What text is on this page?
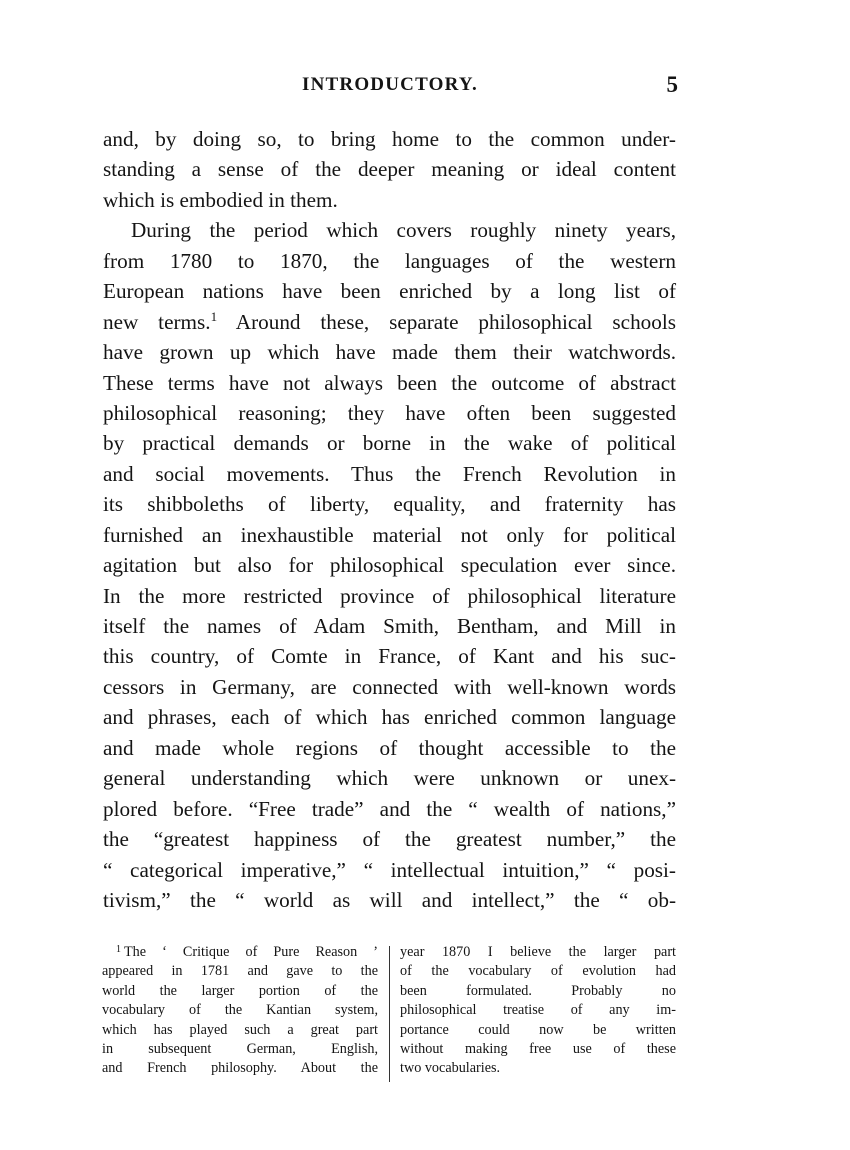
INTRODUCTORY.	5
and, by doing so, to bring home to the common under-
standing a sense of the deeper meaning or ideal content
which is embodied in them.
During the period which covers roughly ninety years,
from 1780 to 1870, the languages of the western
European nations have been enriched by a long list of
new terms.$^1$ Around these, separate philosophical schools
have grown up which have made them their watchwords.
These terms have not always been the outcome of abstract
philosophical reasoning; they have often been suggested
by practical demands or borne in the wake of political
and social movements. Thus the French Revolution in
its shibboleths of liberty, equality, and fraternity has
furnished an inexhaustible material not only for political
agitation but also for philosophical speculation ever since.
In the more restricted province of philosophical literature
itself the names of Adam Smith, Bentham, and Mill in
this country, of Comte in France, of Kant and his suc-
cessors in Germany, are connected with well-known words
and phrases, each of which has enriched common language
and made whole regions of thought accessible to the
general understanding which were unknown or unex-
plored before. “Free trade” and the “ wealth of nations,”
the “greatest happiness of the greatest number,” the
“ categorical imperative,” “ intellectual intuition,” “ posi-
tivism,” the “ world as will and intellect,” the “ ob-
$^1$ The ‘ Critique of Pure Reason ’
appeared in 1781 and gave to the
world the larger portion of the
vocabulary of the Kantian system,
which has played such a great part
in subsequent German, English,
and French philosophy. About the
year 1870 I believe the larger part
of the vocabulary of evolution had
been formulated. Probably no
philosophical treatise of any im-
portance could now be written
without making free use of these
two vocabularies.
